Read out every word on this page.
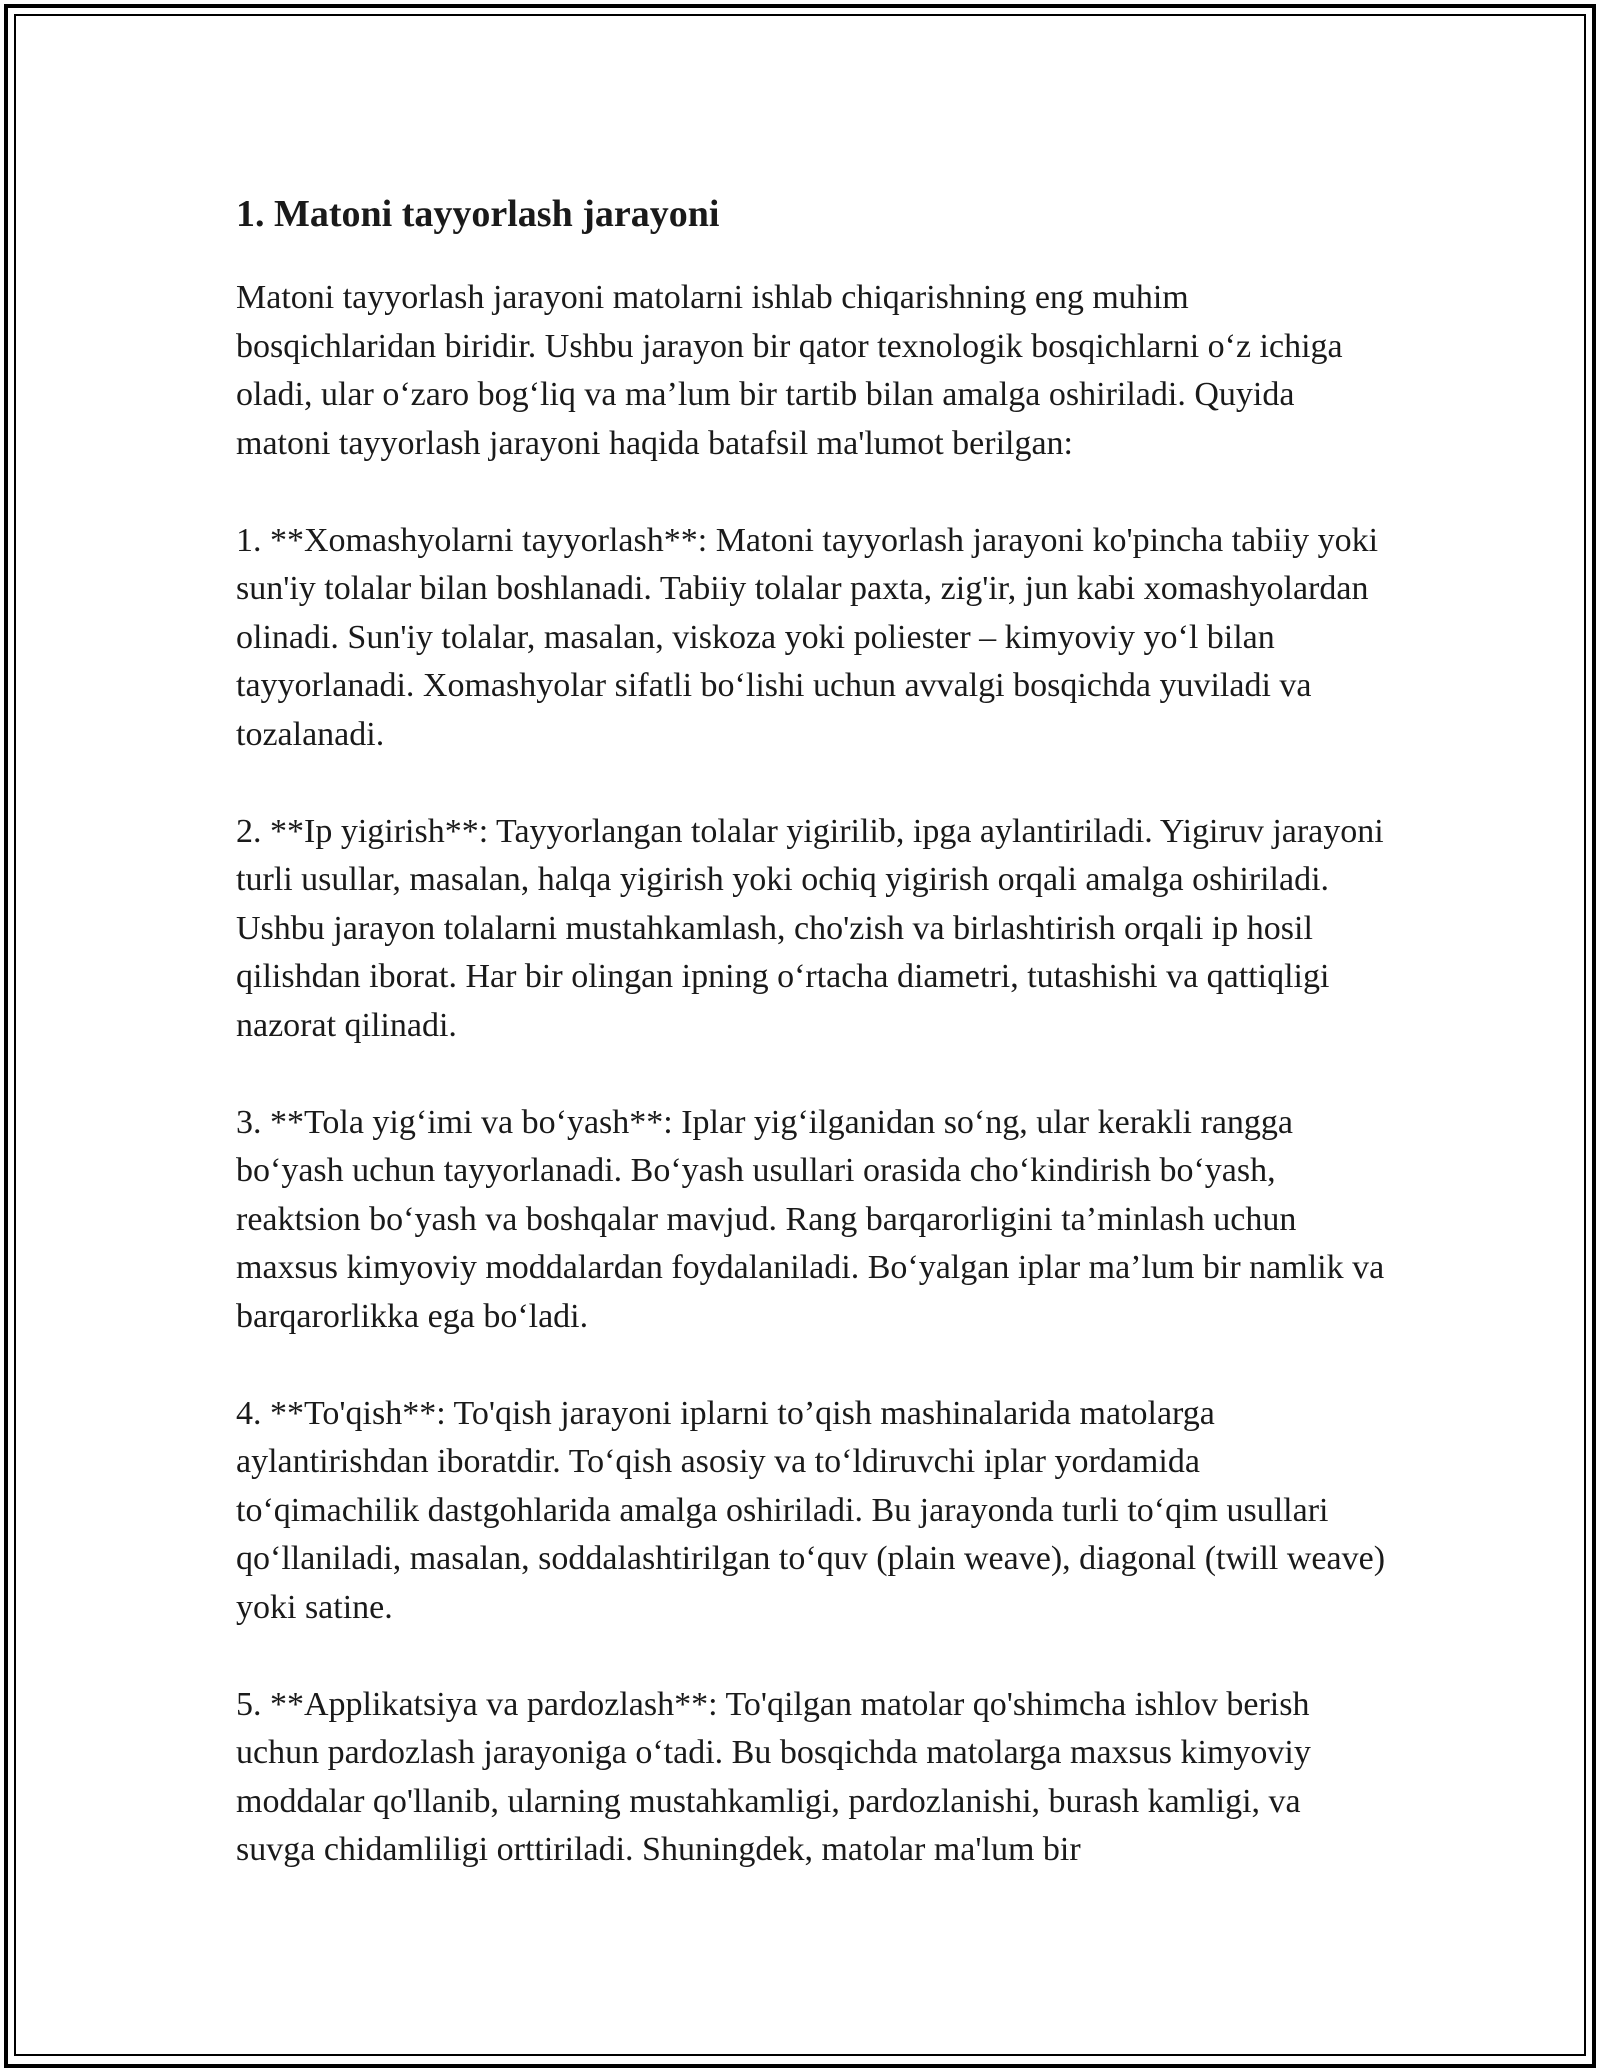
1. Matoni tayyorlash jarayoni

Matoni tayyorlash jarayoni matolarni ishlab chiqarishning eng muhim bosqichlaridan biridir. Ushbu jarayon bir qator texnologik bosqichlarni o‘z ichiga oladi, ular o‘zaro bog‘liq va ma’lum bir tartib bilan amalga oshiriladi. Quyida matoni tayyorlash jarayoni haqida batafsil ma'lumot berilgan:

1. **Xomashyolarni tayyorlash**: Matoni tayyorlash jarayoni ko'pincha tabiiy yoki sun'iy tolalar bilan boshlanadi. Tabiiy tolalar paxta, zig'ir, jun kabi xomashyolardan olinadi. Sun'iy tolalar, masalan, viskoza yoki poliester – kimyoviy yo‘l bilan tayyorlanadi. Xomashyolar sifatli bo‘lishi uchun avvalgi bosqichda yuviladi va tozalanadi.

2. **Ip yigirish**: Tayyorlangan tolalar yigirilib, ipga aylantiriladi. Yigiruv jarayoni turli usullar, masalan, halqa yigirish yoki ochiq yigirish orqali amalga oshiriladi. Ushbu jarayon tolalarni mustahkamlash, cho'zish va birlashtirish orqali ip hosil qilishdan iborat. Har bir olingan ipning o‘rtacha diametri, tutashishi va qattiqligi nazorat qilinadi.

3. **Tola yig‘imi va bo‘yash**: Iplar yig‘ilganidan so‘ng, ular kerakli rangga bo‘yash uchun tayyorlanadi. Bo‘yash usullari orasida cho‘kindirish bo‘yash, reaktsion bo‘yash va boshqalar mavjud. Rang barqarorligini ta’minlash uchun maxsus kimyoviy moddalardan foydalaniladi. Bo‘yalgan iplar ma’lum bir namlik va barqarorlikka ega bo‘ladi.

4. **To'qish**: To'qish jarayoni iplarni to’qish mashinalarida matolarga aylantirishdan iboratdir. To‘qish asosiy va to‘ldiruvchi iplar yordamida to‘qimachilik dastgohlarida amalga oshiriladi. Bu jarayonda turli to‘qim usullari qo‘llaniladi, masalan, soddalashtirilgan to‘quv (plain weave), diagonal (twill weave) yoki satine.

5. **Applikatsiya va pardozlash**: To'qilgan matolar qo'shimcha ishlov berish uchun pardozlash jarayoniga o‘tadi. Bu bosqichda matolarga maxsus kimyoviy moddalar qo'llanib, ularning mustahkamligi, pardozlanishi, burash kamligi, va suvga chidamliligi orttiriladi. Shuningdek, matolar ma'lum bir
